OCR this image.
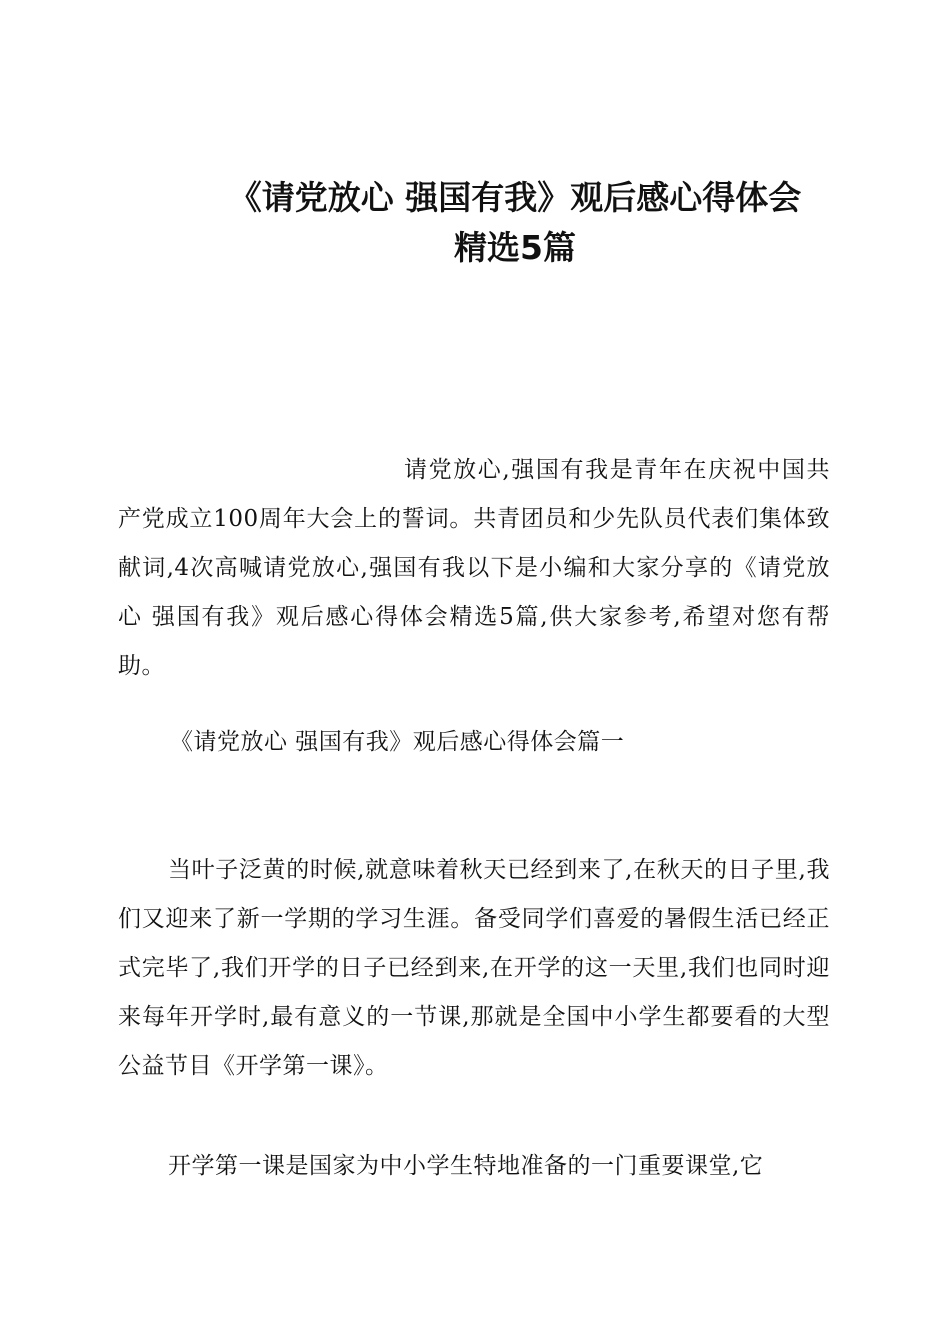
《请党放心 强国有我》观后感心得体会
精选5篇

请党放心,强国有我是青年在庆祝中国共产党成立100周年大会上的誓词。共青团员和少先队员代表们集体致献词,4次高喊请党放心,强国有我以下是小编和大家分享的《请党放心 强国有我》观后感心得体会精选5篇,供大家参考,希望对您有帮助。

《请党放心 强国有我》观后感心得体会篇一

当叶子泛黄的时候,就意味着秋天已经到来了,在秋天的日子里,我们又迎来了新一学期的学习生涯。备受同学们喜爱的暑假生活已经正式完毕了,我们开学的日子已经到来,在开学的这一天里,我们也同时迎来每年开学时,最有意义的一节课,那就是全国中小学生都要看的大型公益节目《开学第一课》。

开学第一课是国家为中小学生特地准备的一门重要课堂,它
